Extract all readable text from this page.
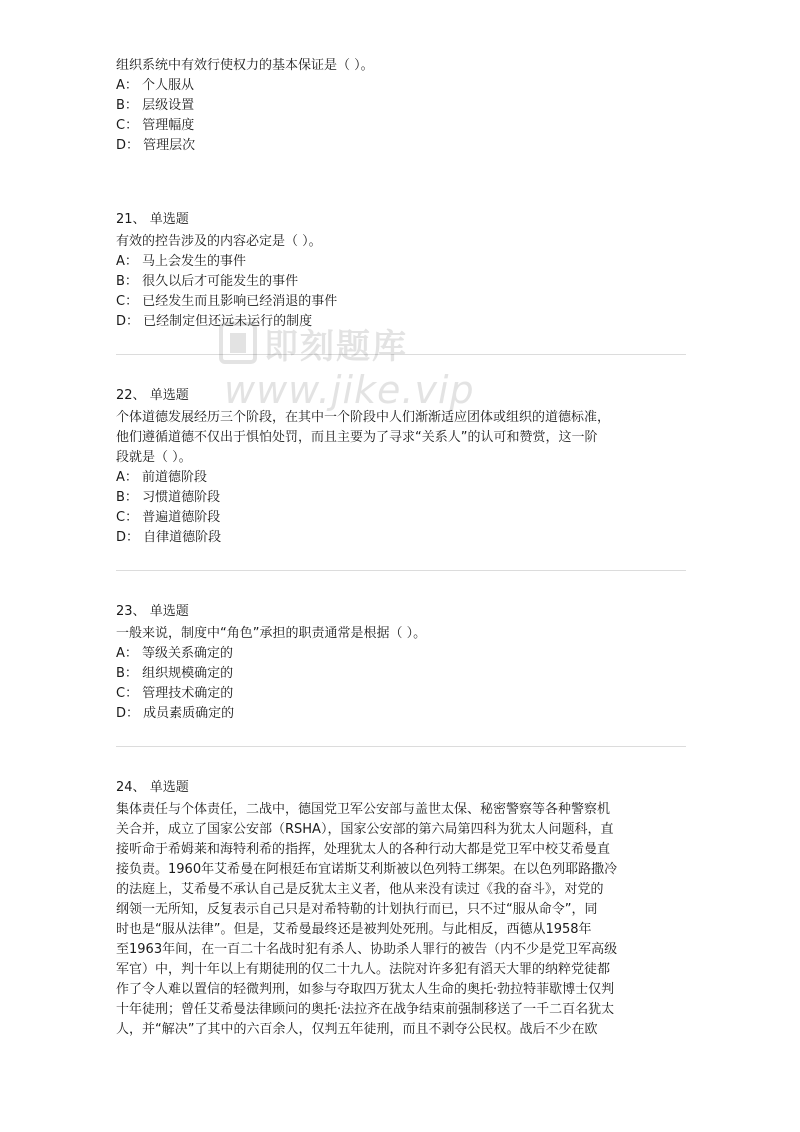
组织系统中有效行使权力的基本保证是（ ）。
A： 个人服从
B： 层级设置
C： 管理幅度
D： 管理层次
21、 单选题
有效的控告涉及的内容必定是（ ）。
A： 马上会发生的事件
B： 很久以后才可能发生的事件
C： 已经发生而且影响已经消退的事件
D： 已经制定但还远未运行的制度
22、 单选题
个体道德发展经历三个阶段，在其中一个阶段中人们渐渐适应团体或组织的道德标准，
他们遵循道德不仅出于惧怕处罚，而且主要为了寻求“关系人”的认可和赞赏，这一阶
段就是（ ）。
A： 前道德阶段
B： 习惯道德阶段
C： 普遍道德阶段
D： 自律道德阶段
23、 单选题
一般来说，制度中“角色”承担的职责通常是根据（ ）。
A： 等级关系确定的
B： 组织规模确定的
C： 管理技术确定的
D： 成员素质确定的
24、 单选题
集体责任与个体责任，二战中，德国党卫军公安部与盖世太保、秘密警察等各种警察机
关合并，成立了国家公安部（RSHA），国家公安部的第六局第四科为犹太人问题科，直
接听命于希姆莱和海特利希的指挥，处理犹太人的各种行动大都是党卫军中校艾希曼直
接负责。1960年艾希曼在阿根廷布宜诺斯艾利斯被以色列特工绑架。在以色列耶路撒冷
的法庭上，艾希曼不承认自己是反犹太主义者，他从来没有读过《我的奋斗》，对党的
纲领一无所知，反复表示自己只是对希特勒的计划执行而已，只不过“服从命令”，同
时也是“服从法律”。但是，艾希曼最终还是被判处死刑。与此相反，西德从1958年
至1963年间，在一百二十名战时犯有杀人、协助杀人罪行的被告（内不少是党卫军高级
军官）中，判十年以上有期徒刑的仅二十九人。法院对许多犯有滔天大罪的纳粹党徒都
作了令人难以置信的轻微判刑，如参与夺取四万犹太人生命的奥托·勃拉特菲歇博士仅判
十年徒刑；曾任艾希曼法律顾问的奥托·法拉齐在战争结束前强制移送了一千二百名犹太
人，并“解决”了其中的六百余人，仅判五年徒刑，而且不剥夺公民权。战后不少在欧
即刻题库
www.jike.vip
